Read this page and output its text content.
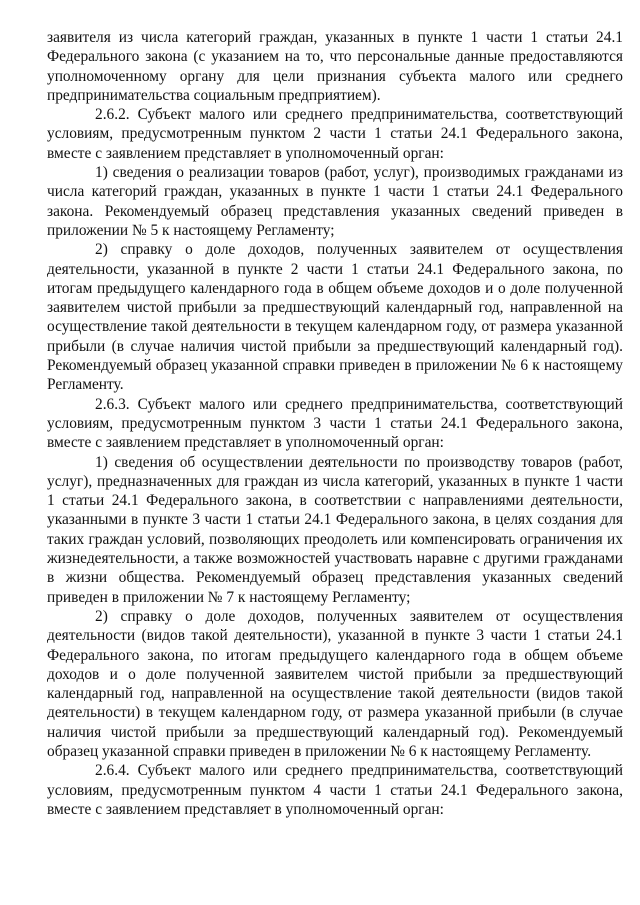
заявителя из числа категорий граждан, указанных в пункте 1 части 1 статьи 24.1 Федерального закона (с указанием на то, что персональные данные предоставляются уполномоченному органу для цели признания субъекта малого или среднего предпринимательства социальным предприятием).

2.6.2. Субъект малого или среднего предпринимательства, соответствующий условиям, предусмотренным пунктом 2 части 1 статьи 24.1 Федерального закона, вместе с заявлением представляет в уполномоченный орган:

1) сведения о реализации товаров (работ, услуг), производимых гражданами из числа категорий граждан, указанных в пункте 1 части 1 статьи 24.1 Федерального закона. Рекомендуемый образец представления указанных сведений приведен в приложении № 5 к настоящему Регламенту;

2) справку о доле доходов, полученных заявителем от осуществления деятельности, указанной в пункте 2 части 1 статьи 24.1 Федерального закона, по итогам предыдущего календарного года в общем объеме доходов и о доле полученной заявителем чистой прибыли за предшествующий календарный год, направленной на осуществление такой деятельности в текущем календарном году, от размера указанной прибыли (в случае наличия чистой прибыли за предшествующий календарный год). Рекомендуемый образец указанной справки приведен в приложении № 6 к настоящему Регламенту.

2.6.3. Субъект малого или среднего предпринимательства, соответствующий условиям, предусмотренным пунктом 3 части 1 статьи 24.1 Федерального закона, вместе с заявлением представляет в уполномоченный орган:

1) сведения об осуществлении деятельности по производству товаров (работ, услуг), предназначенных для граждан из числа категорий, указанных в пункте 1 части 1 статьи 24.1 Федерального закона, в соответствии с направлениями деятельности, указанными в пункте 3 части 1 статьи 24.1 Федерального закона, в целях создания для таких граждан условий, позволяющих преодолеть или компенсировать ограничения их жизнедеятельности, а также возможностей участвовать наравне с другими гражданами в жизни общества. Рекомендуемый образец представления указанных сведений приведен в приложении № 7 к настоящему Регламенту;

2) справку о доле доходов, полученных заявителем от осуществления деятельности (видов такой деятельности), указанной в пункте 3 части 1 статьи 24.1 Федерального закона, по итогам предыдущего календарного года в общем объеме доходов и о доле полученной заявителем чистой прибыли за предшествующий календарный год, направленной на осуществление такой деятельности (видов такой деятельности) в текущем календарном году, от размера указанной прибыли (в случае наличия чистой прибыли за предшествующий календарный год). Рекомендуемый образец указанной справки приведен в приложении № 6 к настоящему Регламенту.

2.6.4. Субъект малого или среднего предпринимательства, соответствующий условиям, предусмотренным пунктом 4 части 1 статьи 24.1 Федерального закона, вместе с заявлением представляет в уполномоченный орган:
